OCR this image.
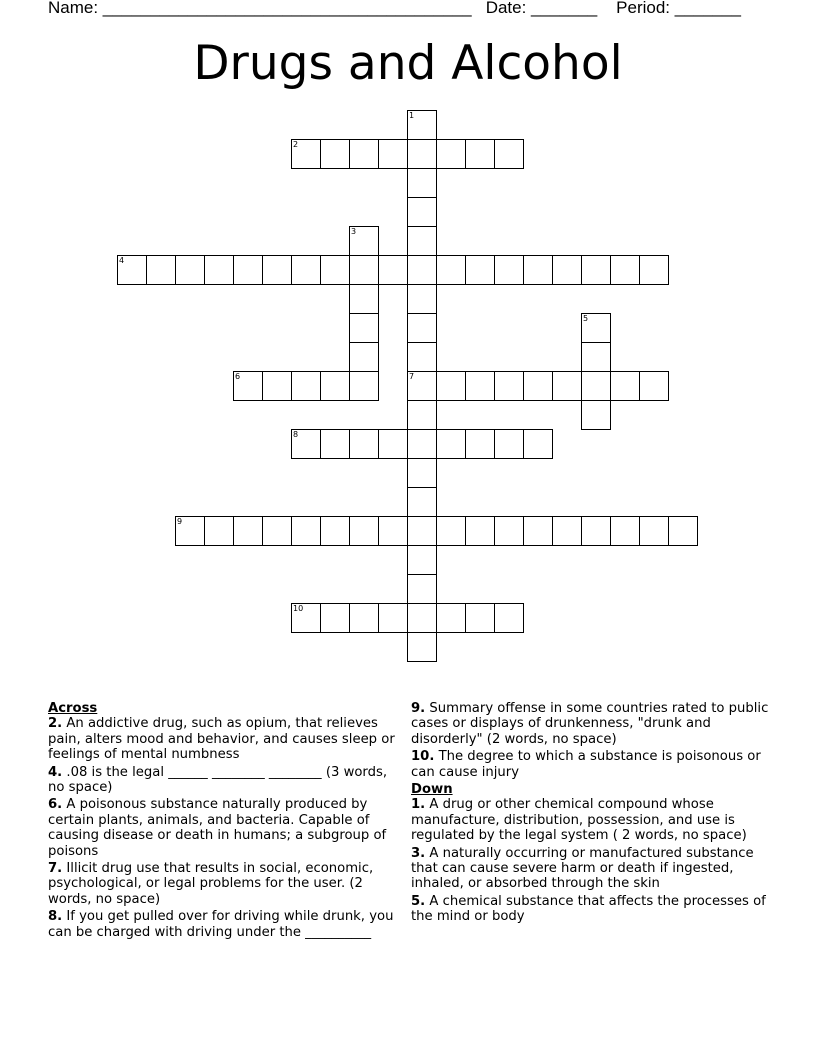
Name: _______________________________________ Date: _______ Period: _______
Drugs and Alcohol
1
7
2
3
4
5
6
8
9
10
Across
2. An addictive drug, such as opium, that relieves pain, alters mood and behavior, and causes sleep or feelings of mental numbness
4. .08 is the legal ______ ________ ________ (3 words, no space)
6. A poisonous substance naturally produced by certain plants, animals, and bacteria. Capable of causing disease or death in humans; a subgroup of poisons
7. Illicit drug use that results in social, economic, psychological, or legal problems for the user. (2 words, no space)
8. If you get pulled over for driving while drunk, you can be charged with driving under the __________
9. Summary offense in some countries rated to public cases or displays of drunkenness, "drunk and disorderly" (2 words, no space)
10. The degree to which a substance is poisonous or can cause injury
Down
1. A drug or other chemical compound whose manufacture, distribution, possession, and use is regulated by the legal system ( 2 words, no space)
3. A naturally occurring or manufactured substance that can cause severe harm or death if ingested, inhaled, or absorbed through the skin
5. A chemical substance that affects the processes of the mind or body
